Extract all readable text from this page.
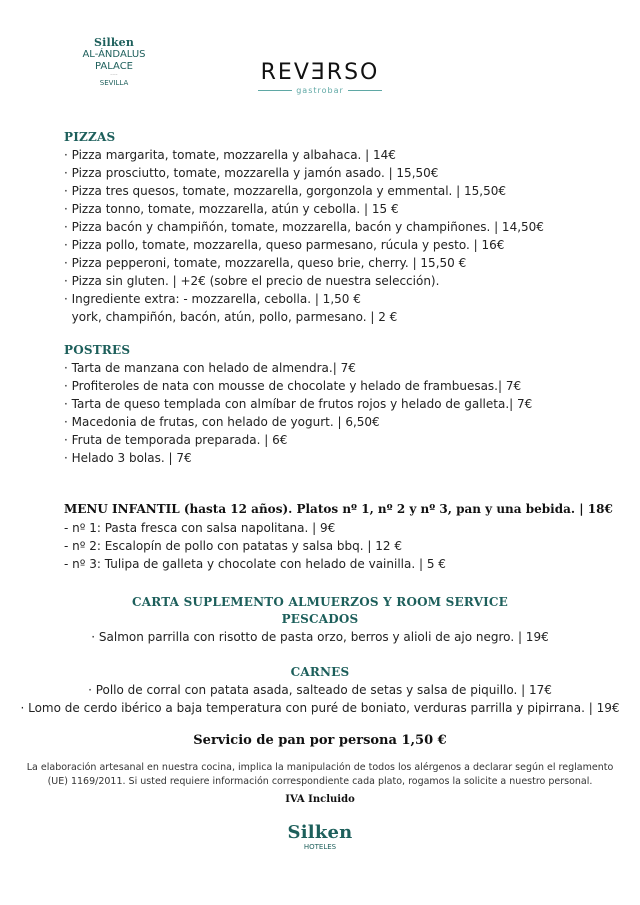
Silken
AL-ÁNDALUS
PALACE
····
SEVILLA	REVƎRSO
gastrobar
PIZZAS
· Pizza margarita, tomate, mozzarella y albahaca. | 14€
· Pizza prosciutto, tomate, mozzarella y jamón asado. | 15,50€
· Pizza tres quesos, tomate, mozzarella, gorgonzola y emmental. | 15,50€
· Pizza tonno, tomate, mozzarella, atún y cebolla. | 15 €
· Pizza bacón y champiñón, tomate, mozzarella, bacón y champiñones. | 14,50€
· Pizza pollo, tomate, mozzarella, queso parmesano, rúcula y pesto. | 16€
· Pizza pepperoni, tomate, mozzarella, queso brie, cherry. | 15,50 €
· Pizza sin gluten. | +2€ (sobre el precio de nuestra selección).
· Ingrediente extra: - mozzarella, cebolla. | 1,50 €
york, champiñón, bacón, atún, pollo, parmesano. | 2 €
POSTRES
· Tarta de manzana con helado de almendra.| 7€
· Profiteroles de nata con mousse de chocolate y helado de frambuesas.| 7€
· Tarta de queso templada con almíbar de frutos rojos y helado de galleta.| 7€
· Macedonia de frutas, con helado de yogurt. | 6,50€
· Fruta de temporada preparada. | 6€
· Helado 3 bolas. | 7€
MENU INFANTIL (hasta 12 años). Platos nº 1, nº 2 y nº 3, pan y una bebida. | 18€
- nº 1: Pasta fresca con salsa napolitana. | 9€
- nº 2: Escalopín de pollo con patatas y salsa bbq. | 12 €
- nº 3: Tulipa de galleta y chocolate con helado de vainilla. | 5 €
CARTA SUPLEMENTO ALMUERZOS Y ROOM SERVICE
PESCADOS
· Salmon parrilla con risotto de pasta orzo, berros y alioli de ajo negro. | 19€
CARNES
· Pollo de corral con patata asada, salteado de setas y salsa de piquillo. | 17€
· Lomo de cerdo ibérico a baja temperatura con puré de boniato, verduras parrilla y pipirrana. | 19€
Servicio de pan por persona 1,50 €
La elaboración artesanal en nuestra cocina, implica la manipulación de todos los alérgenos a declarar según el reglamento
(UE) 1169/2011. Si usted requiere información correspondiente cada plato, rogamos la solicite a nuestro personal.
IVA Incluido
Silken
HOTELES
